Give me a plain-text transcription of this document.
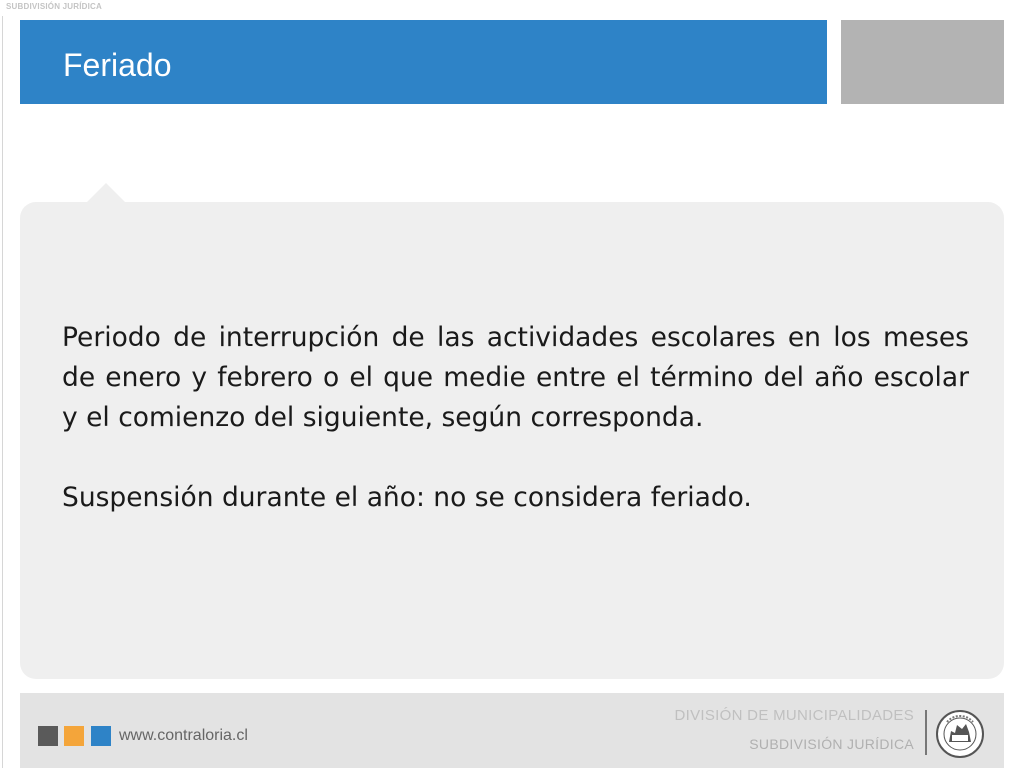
SUBDIVISIÓN JURÍDICA
Feriado

Periodo de interrupción de las actividades escolares en los meses de enero y febrero o el que medie entre el término del año escolar y el comienzo del siguiente, según corresponda.

Suspensión durante el año: no se considera feriado.

www.contraloria.cl
DIVISIÓN DE MUNICIPALIDADES
SUBDIVISIÓN JURÍDICA
